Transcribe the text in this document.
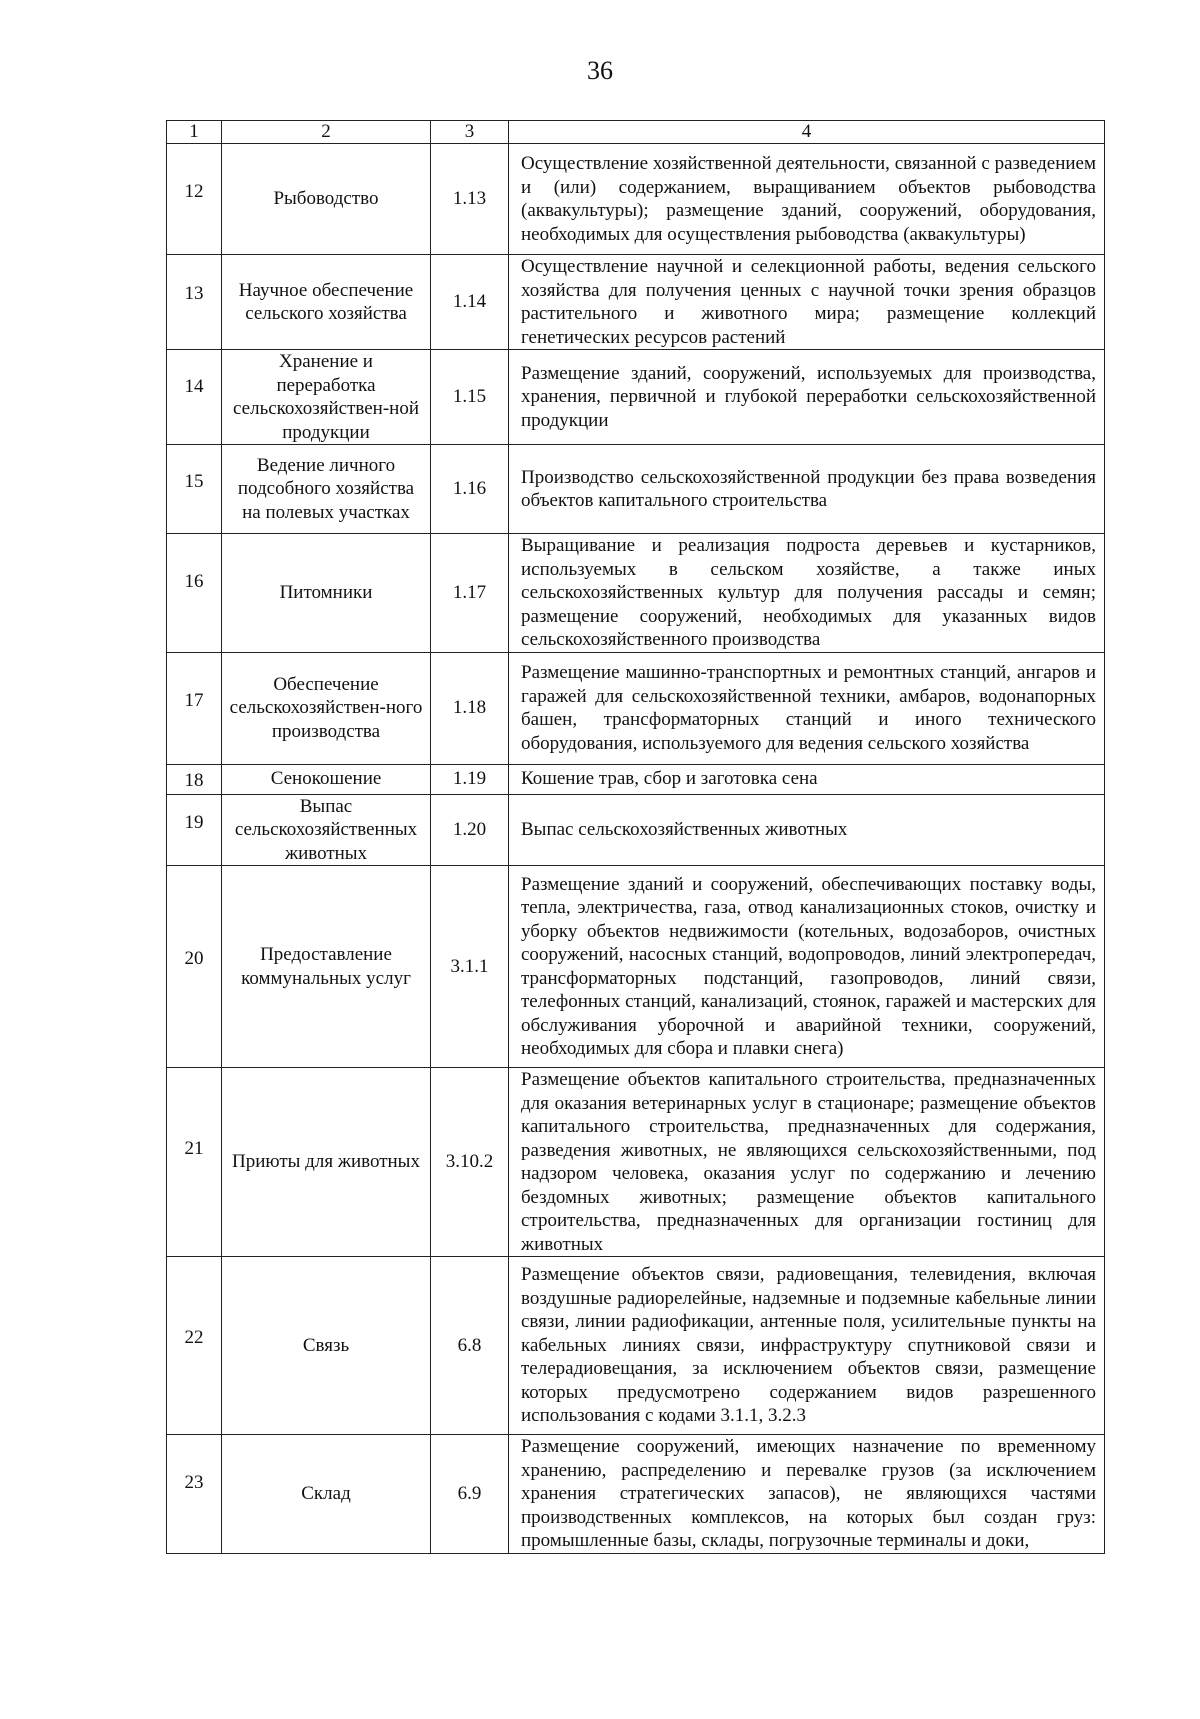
36
1	2	3	4
12	Рыбоводство	1.13	Осуществление хозяйственной деятельности, связанной с разведением и (или) содержанием, выращиванием объектов рыбоводства (аквакультуры); размещение зданий, сооружений, оборудования, необходимых для осуществления рыбоводства (аквакультуры)
13	Научное обеспечение сельского хозяйства	1.14	Осуществление научной и селекционной работы, ведения сельского хозяйства для получения ценных с научной точки зрения образцов растительного и животного мира; размещение коллекций генетических ресурсов растений
14	Хранение и переработка сельскохозяйствен-ной продукции	1.15	Размещение зданий, сооружений, используемых для производства, хранения, первичной и глубокой переработки сельскохозяйственной продукции
15	Ведение личного подсобного хозяйства на полевых участках	1.16	Производство сельскохозяйственной продукции без права возведения объектов капитального строительства
16	Питомники	1.17	Выращивание и реализация подроста деревьев и кустарников, используемых в сельском хозяйстве, а также иных сельскохозяйственных культур для получения рассады и семян; размещение сооружений, необходимых для указанных видов сельскохозяйственного производства
17	Обеспечение сельскохозяйствен-ного производства	1.18	Размещение машинно-транспортных и ремонтных станций, ангаров и гаражей для сельскохозяйственной техники, амбаров, водонапорных башен, трансформаторных станций и иного технического оборудования, используемого для ведения сельского хозяйства
18	Сенокошение	1.19	Кошение трав, сбор и заготовка сена
19	Выпас сельскохозяйственных животных	1.20	Выпас сельскохозяйственных животных
20	Предоставление коммунальных услуг	3.1.1	Размещение зданий и сооружений, обеспечивающих поставку воды, тепла, электричества, газа, отвод канализационных стоков, очистку и уборку объектов недвижимости (котельных, водозаборов, очистных сооружений, насосных станций, водопроводов, линий электропередач, трансформаторных подстанций, газопроводов, линий связи, телефонных станций, канализаций, стоянок, гаражей и мастерских для обслуживания уборочной и аварийной техники, сооружений, необходимых для сбора и плавки снега)
21	Приюты для животных	3.10.2	Размещение объектов капитального строительства, предназначенных для оказания ветеринарных услуг в стационаре; размещение объектов капитального строительства, предназначенных для содержания, разведения животных, не являющихся сельскохозяйственными, под надзором человека, оказания услуг по содержанию и лечению бездомных животных; размещение объектов капитального строительства, предназначенных для организации гостиниц для животных
22	Связь	6.8	Размещение объектов связи, радиовещания, телевидения, включая воздушные радиорелейные, надземные и подземные кабельные линии связи, линии радиофикации, антенные поля, усилительные пункты на кабельных линиях связи, инфраструктуру спутниковой связи и телерадиовещания, за исключением объектов связи, размещение которых предусмотрено содержанием видов разрешенного использования с кодами 3.1.1, 3.2.3
23	Склад	6.9	Размещение сооружений, имеющих назначение по временному хранению, распределению и перевалке грузов (за исключением хранения стратегических запасов), не являющихся частями производственных комплексов, на которых был создан груз: промышленные базы, склады, погрузочные терминалы и доки,
